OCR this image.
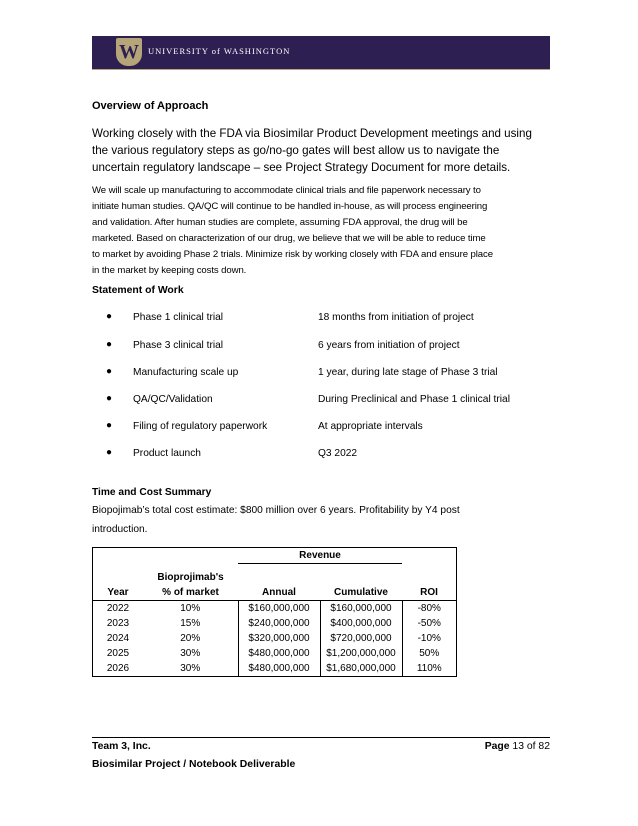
W	UNIVERSITY of WASHINGTON
Overview of Approach
Working closely with the FDA via Biosimilar Product Development meetings and using
the various regulatory steps as go/no-go gates will best allow us to navigate the
uncertain regulatory landscape – see Project Strategy Document for more details.
We will scale up manufacturing to accommodate clinical trials and file paperwork necessary to
initiate human studies. QA/QC will continue to be handled in-house, as will process engineering
and validation. After human studies are complete, assuming FDA approval, the drug will be
marketed. Based on characterization of our drug, we believe that we will be able to reduce time
to market by avoiding Phase 2 trials. Minimize risk by working closely with FDA and ensure place
in the market by keeping costs down.
Statement of Work
● Phase 1 clinical trial	18 months from initiation of project
● Phase 3 clinical trial	6 years from initiation of project
● Manufacturing scale up	1 year, during late stage of Phase 3 trial
● QA/QC/Validation	During Preclinical and Phase 1 clinical trial
● Filing of regulatory paperwork	At appropriate intervals
● Product launch	Q3 2022
Time and Cost Summary
Biopojimab’s total cost estimate: $800 million over 6 years. Profitability by Y4 post introduction.
		Revenue		
	Bioprojimab's			
Year	% of market	Annual	Cumulative	ROI
2022	10%	$160,000,000	$160,000,000	-80%
2023	15%	$240,000,000	$400,000,000	-50%
2024	20%	$320,000,000	$720,000,000	-10%
2025	30%	$480,000,000	$1,200,000,000	50%
2026	30%	$480,000,000	$1,680,000,000	110%
Team 3, Inc.	Page 13 of 82
Biosimilar Project / Notebook Deliverable
